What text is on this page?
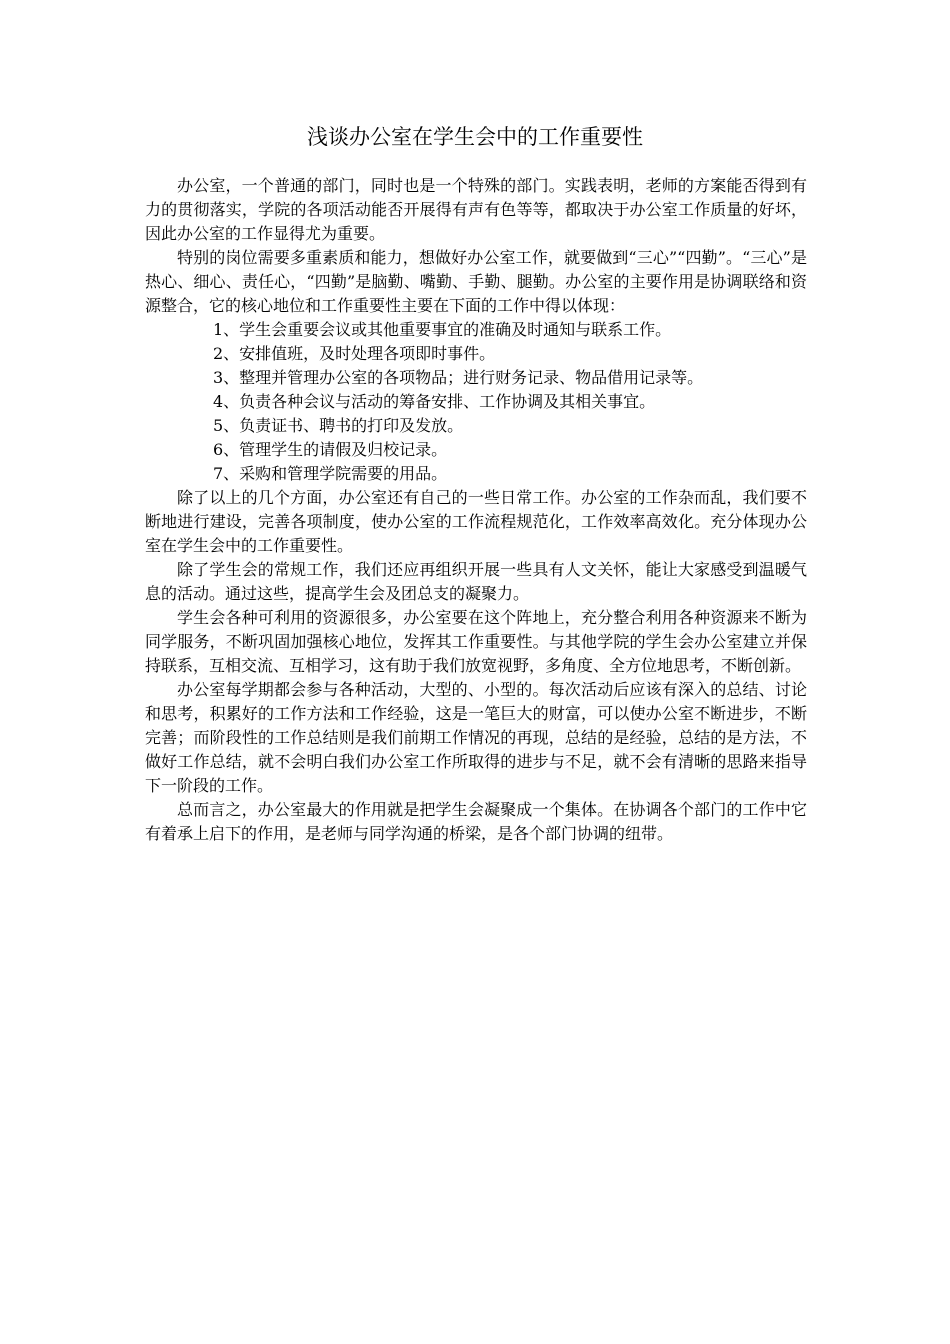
浅谈办公室在学生会中的工作重要性

办公室，一个普通的部门，同时也是一个特殊的部门。实践表明，老师的方案能否得到有力的贯彻落实，学院的各项活动能否开展得有声有色等等，都取决于办公室工作质量的好坏，因此办公室的工作显得尤为重要。

特别的岗位需要多重素质和能力，想做好办公室工作，就要做到“三心”“四勤”。“三心”是热心、细心、责任心，“四勤”是脑勤、嘴勤、手勤、腿勤。办公室的主要作用是协调联络和资源整合，它的核心地位和工作重要性主要在下面的工作中得以体现：

1、学生会重要会议或其他重要事宜的准确及时通知与联系工作。
2、安排值班，及时处理各项即时事件。
3、整理并管理办公室的各项物品；进行财务记录、物品借用记录等。
4、负责各种会议与活动的筹备安排、工作协调及其相关事宜。
5、负责证书、聘书的打印及发放。
6、管理学生的请假及归校记录。
7、采购和管理学院需要的用品。

除了以上的几个方面，办公室还有自己的一些日常工作。办公室的工作杂而乱，我们要不断地进行建设，完善各项制度，使办公室的工作流程规范化，工作效率高效化。充分体现办公室在学生会中的工作重要性。

除了学生会的常规工作，我们还应再组织开展一些具有人文关怀，能让大家感受到温暖气息的活动。通过这些，提高学生会及团总支的凝聚力。

学生会各种可利用的资源很多，办公室要在这个阵地上，充分整合利用各种资源来不断为同学服务，不断巩固加强核心地位，发挥其工作重要性。与其他学院的学生会办公室建立并保持联系，互相交流、互相学习，这有助于我们放宽视野，多角度、全方位地思考，不断创新。

办公室每学期都会参与各种活动，大型的、小型的。每次活动后应该有深入的总结、讨论和思考，积累好的工作方法和工作经验，这是一笔巨大的财富，可以使办公室不断进步，不断完善；而阶段性的工作总结则是我们前期工作情况的再现，总结的是经验，总结的是方法，不做好工作总结，就不会明白我们办公室工作所取得的进步与不足，就不会有清晰的思路来指导下一阶段的工作。

总而言之，办公室最大的作用就是把学生会凝聚成一个集体。在协调各个部门的工作中它有着承上启下的作用，是老师与同学沟通的桥梁，是各个部门协调的纽带。
